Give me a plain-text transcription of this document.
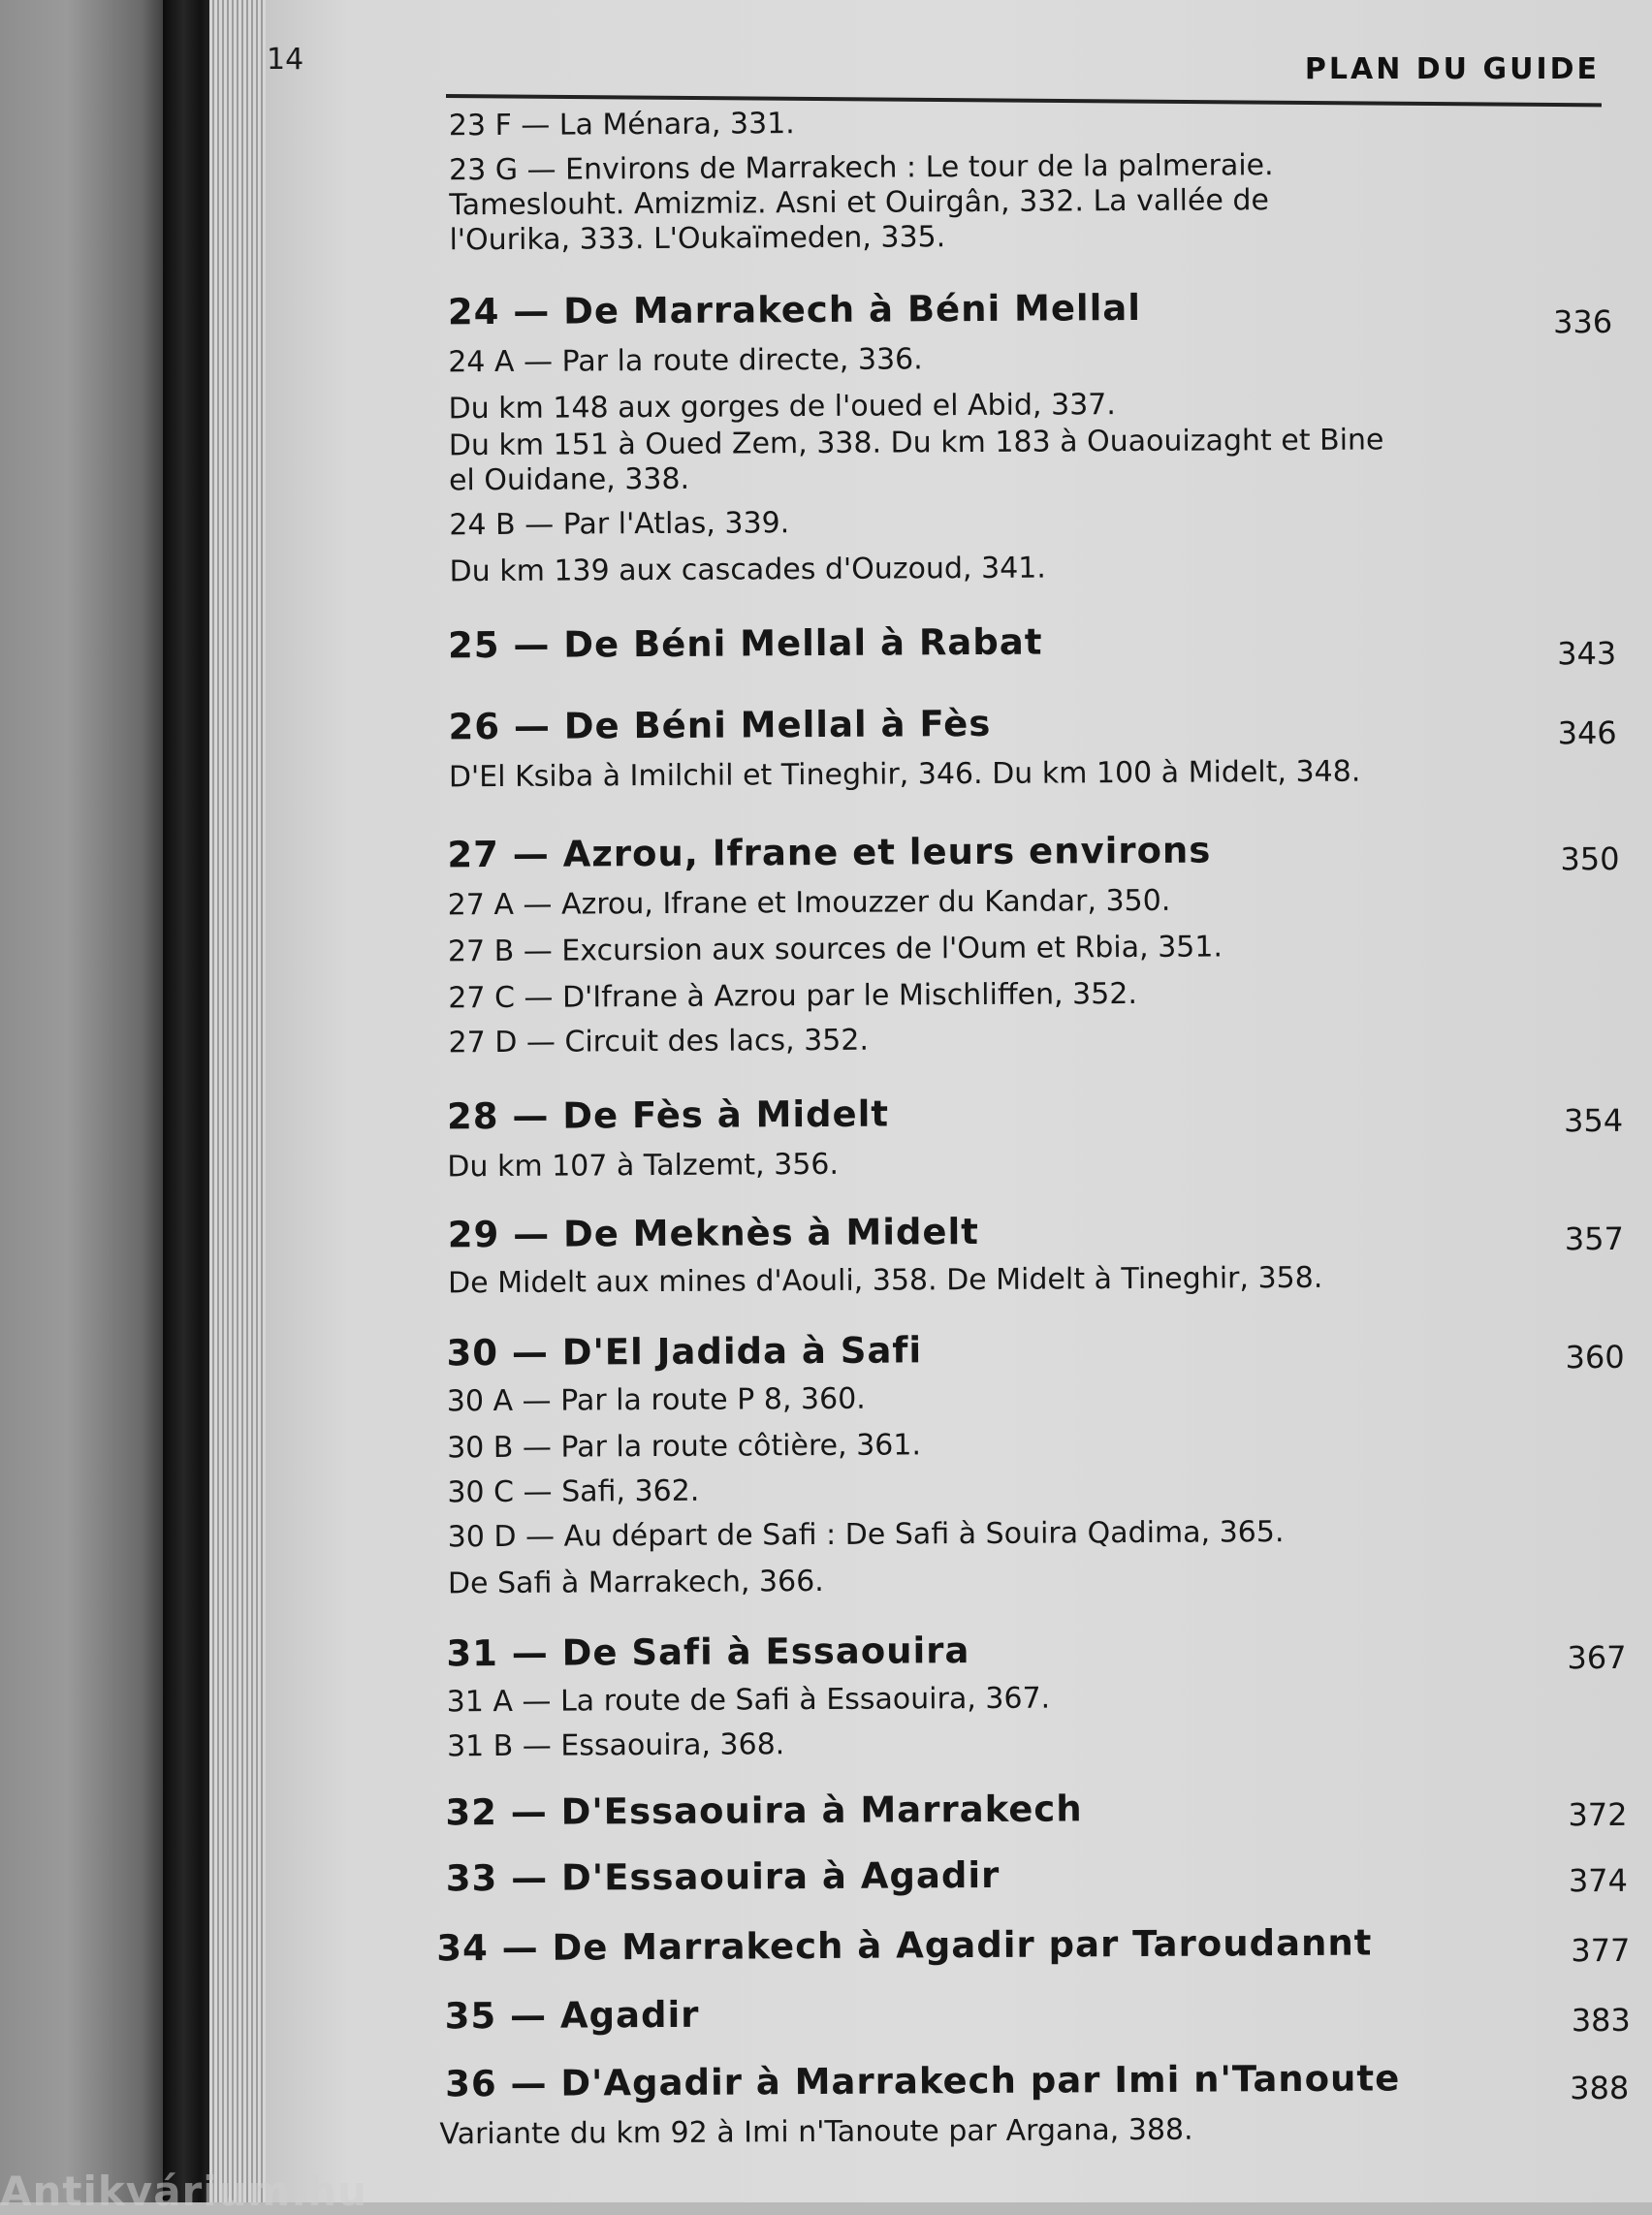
Antikvárium.hu
14	PLAN DU GUIDE
23 F — La Ménara, 331.
23 G — Environs de Marrakech : Le tour de la palmeraie.
Tameslouht. Amizmiz. Asni et Ouirgân, 332. La vallée de
l'Ourika, 333. L'Oukaïmeden, 335.
24 — De Marrakech à Béni Mellal	336
24 A — Par la route directe, 336.
Du km 148 aux gorges de l'oued el Abid, 337.
Du km 151 à Oued Zem, 338. Du km 183 à Ouaouizaght et Bine
el Ouidane, 338.
24 B — Par l'Atlas, 339.
Du km 139 aux cascades d'Ouzoud, 341.
25 — De Béni Mellal à Rabat	343
26 — De Béni Mellal à Fès	346
D'El Ksiba à Imilchil et Tineghir, 346. Du km 100 à Midelt, 348.
27 — Azrou, Ifrane et leurs environs	350
27 A — Azrou, Ifrane et Imouzzer du Kandar, 350.
27 B — Excursion aux sources de l'Oum et Rbia, 351.
27 C — D'Ifrane à Azrou par le Mischliffen, 352.
27 D — Circuit des lacs, 352.
28 — De Fès à Midelt	354
Du km 107 à Talzemt, 356.
29 — De Meknès à Midelt	357
De Midelt aux mines d'Aouli, 358. De Midelt à Tineghir, 358.
30 — D'El Jadida à Safi	360
30 A — Par la route P 8, 360.
30 B — Par la route côtière, 361.
30 C — Safi, 362.
30 D — Au départ de Safi : De Safi à Souira Qadima, 365.
De Safi à Marrakech, 366.
31 — De Safi à Essaouira	367
31 A — La route de Safi à Essaouira, 367.
31 B — Essaouira, 368.
32 — D'Essaouira à Marrakech	372
33 — D'Essaouira à Agadir	374
34 — De Marrakech à Agadir par Taroudannt	377
35 — Agadir	383
36 — D'Agadir à Marrakech par Imi n'Tanoute	388
Variante du km 92 à Imi n'Tanoute par Argana, 388.
